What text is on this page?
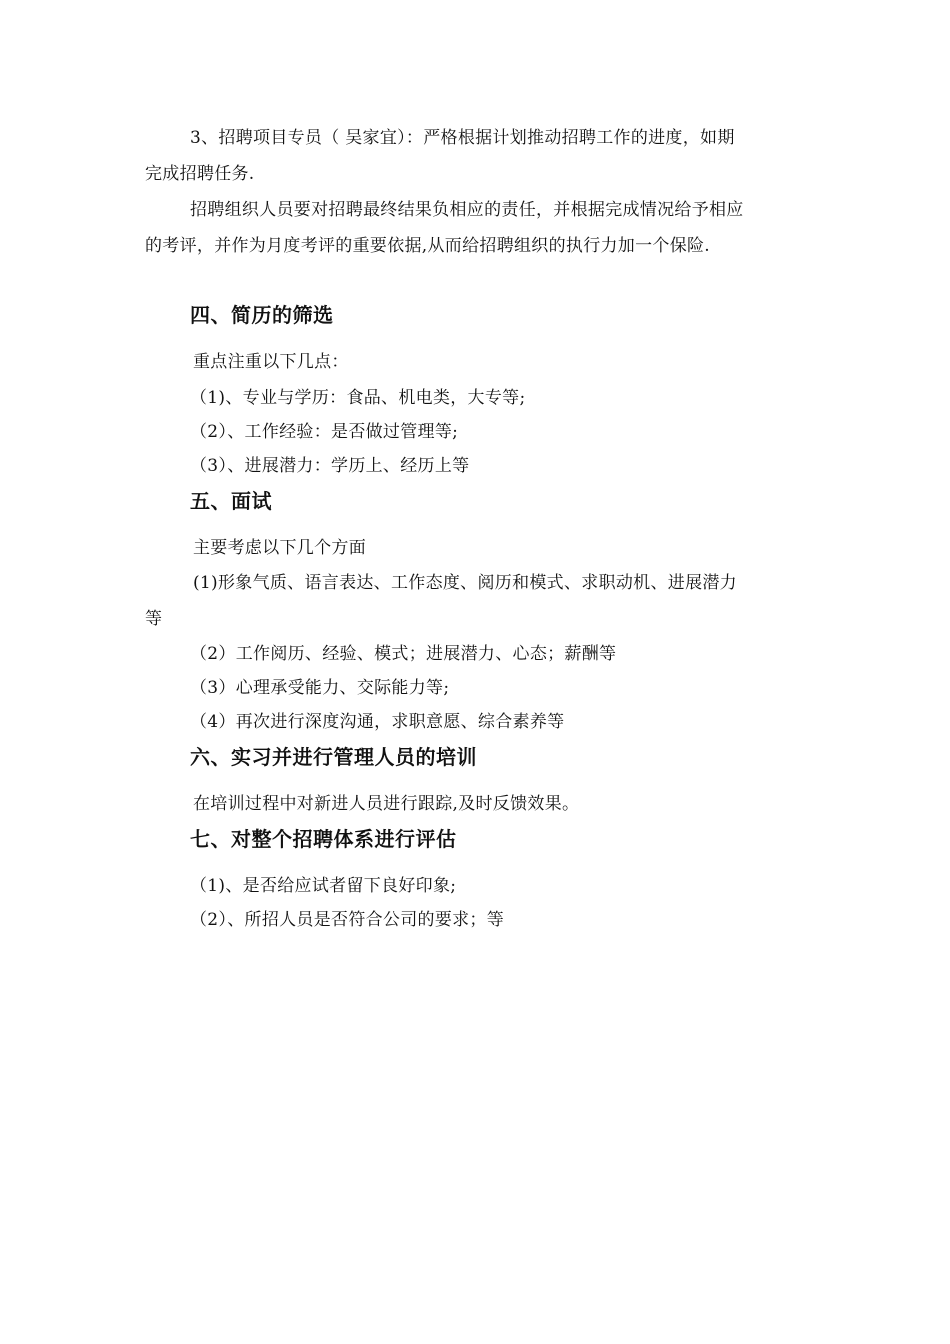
3、招聘项目专员（ 吴家宜）：严格根据计划推动招聘工作的进度，如期
完成招聘任务.
招聘组织人员要对招聘最终结果负相应的责任，并根据完成情况给予相应
的考评，并作为月度考评的重要依据,从而给招聘组织的执行力加一个保险.
四、简历的筛选
重点注重以下几点：
（1)、专业与学历：食品、机电类，大专等;
（2）、工作经验：是否做过管理等;
（3）、进展潜力：学历上、经历上等
五、面试
主要考虑以下几个方面
(1)形象气质、语言表达、工作态度、阅历和模式、求职动机、进展潜力
等
（2）工作阅历、经验、模式；进展潜力、心态；薪酬等
（3）心理承受能力、交际能力等;
（4）再次进行深度沟通，求职意愿、综合素养等
六、实习并进行管理人员的培训
在培训过程中对新进人员进行跟踪,及时反馈效果。
七、对整个招聘体系进行评估
（1)、是否给应试者留下良好印象;
（2）、所招人员是否符合公司的要求；等
